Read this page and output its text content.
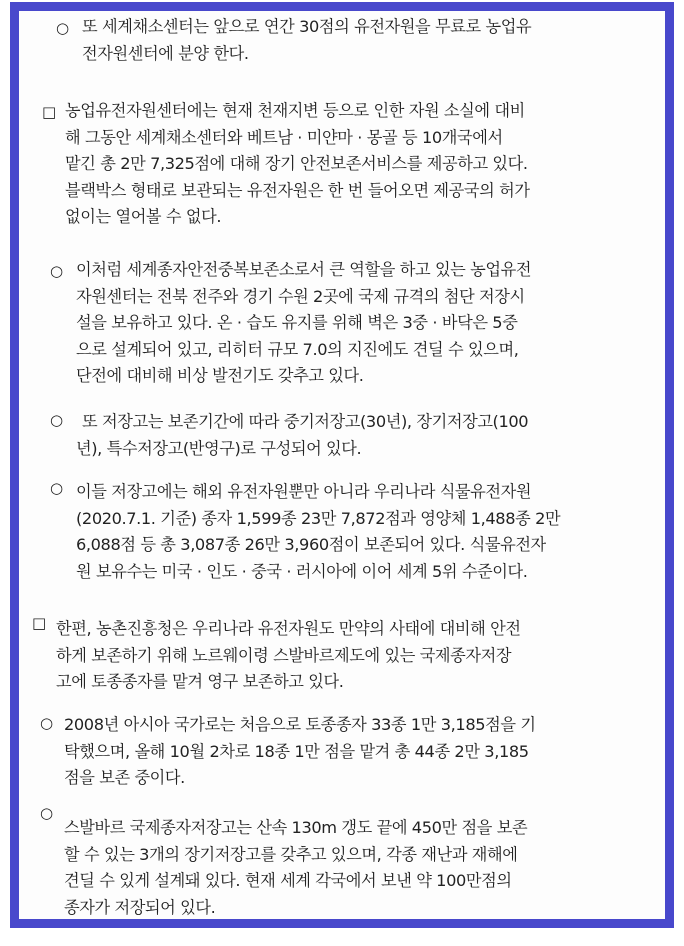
○ 또 세계채소센터는 앞으로 연간 30점의 유전자원을 무료로 농업유
전자원센터에 분양 한다.
□ 농업유전자원센터에는 현재 천재지변 등으로 인한 자원 소실에 대비
해 그동안 세계채소센터와 베트남 · 미얀마 · 몽골 등 10개국에서
맡긴 총 2만 7,325점에 대해 장기 안전보존서비스를 제공하고 있다.
블랙박스 형태로 보관되는 유전자원은 한 번 들어오면 제공국의 허가
없이는 열어볼 수 없다.
○ 이처럼 세계종자안전중복보존소로서 큰 역할을 하고 있는 농업유전
자원센터는 전북 전주와 경기 수원 2곳에 국제 규격의 첨단 저장시
설을 보유하고 있다. 온 · 습도 유지를 위해 벽은 3중 · 바닥은 5중
으로 설계되어 있고, 리히터 규모 7.0의 지진에도 견딜 수 있으며,
단전에 대비해 비상 발전기도 갖추고 있다.
○ 또 저장고는 보존기간에 따라 중기저장고(30년), 장기저장고(100
년), 특수저장고(반영구)로 구성되어 있다.
○ 이들 저장고에는 해외 유전자원뿐만 아니라 우리나라 식물유전자원
(2020.7.1. 기준) 종자 1,599종 23만 7,872점과 영양체 1,488종 2만
6,088점 등 총 3,087종 26만 3,960점이 보존되어 있다. 식물유전자
원 보유수는 미국 · 인도 · 중국 · 러시아에 이어 세계 5위 수준이다.
□ 한편, 농촌진흥청은 우리나라 유전자원도 만약의 사태에 대비해 안전
하게 보존하기 위해 노르웨이령 스발바르제도에 있는 국제종자저장
고에 토종종자를 맡겨 영구 보존하고 있다.
○ 2008년 아시아 국가로는 처음으로 토종종자 33종 1만 3,185점을 기
탁했으며, 올해 10월 2차로 18종 1만 점을 맡겨 총 44종 2만 3,185
점을 보존 중이다.
○
스발바르 국제종자저장고는 산속 130m 갱도 끝에 450만 점을 보존
할 수 있는 3개의 장기저장고를 갖추고 있으며, 각종 재난과 재해에
견딜 수 있게 설계돼 있다. 현재 세계 각국에서 보낸 약 100만점의
종자가 저장되어 있다.
